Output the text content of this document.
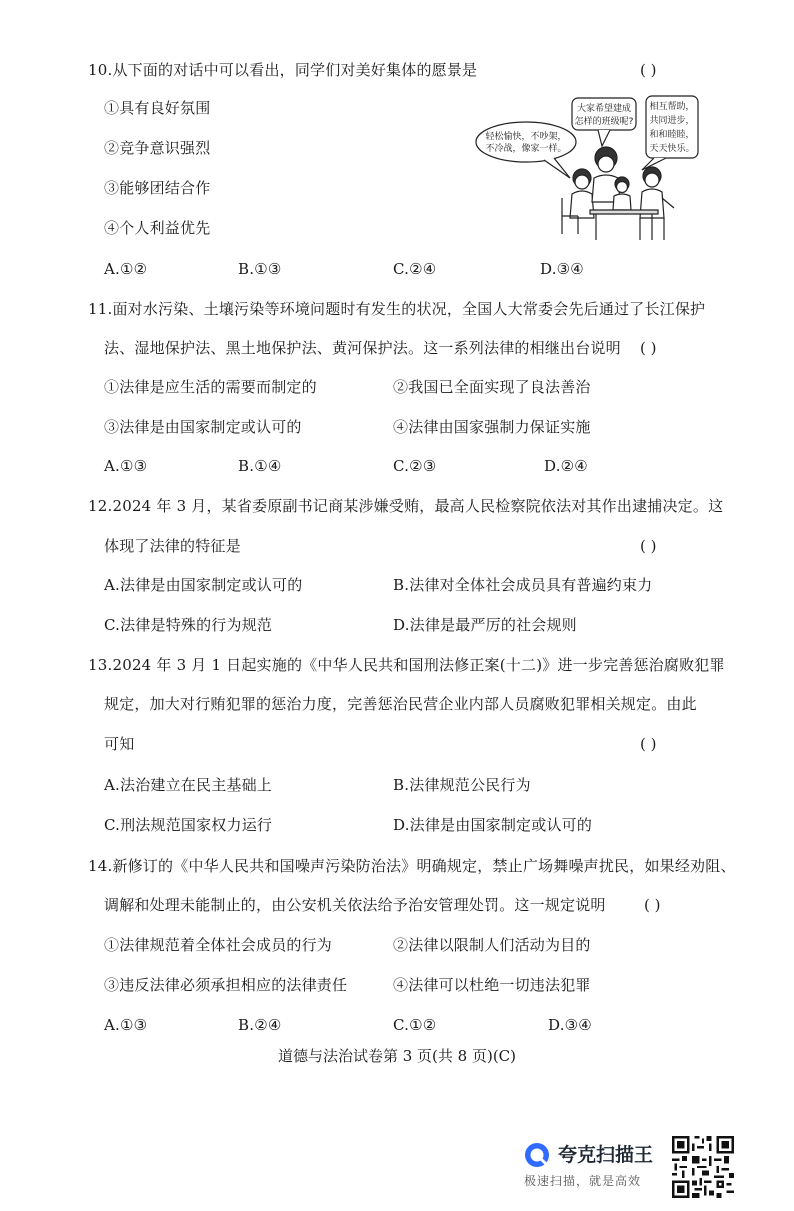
10.从下面的对话中可以看出，同学们对美好集体的愿景是	( )
①具有良好氛围
②竞争意识强烈
③能够团结合作
④个人利益优先
A.①②	B.①③	C.②④	D.③④
轻松愉快，不吵架，
不冷战，像家一样。
大家希望建成
怎样的班级呢?
相互帮助，
共同进步，
和和睦睦，
天天快乐。
11.面对水污染、土壤污染等环境问题时有发生的状况，全国人大常委会先后通过了长江保护
法、湿地保护法、黑土地保护法、黄河保护法。这一系列法律的相继出台说明 ( )
①法律是应生活的需要而制定的	②我国已全面实现了良法善治
③法律是由国家制定或认可的	④法律由国家强制力保证实施
A.①③	B.①④	C.②③	D.②④
12.2024 年 3 月，某省委原副书记商某涉嫌受贿，最高人民检察院依法对其作出逮捕决定。这
体现了法律的特征是	( )
A.法律是由国家制定或认可的	B.法律对全体社会成员具有普遍约束力
C.法律是特殊的行为规范	D.法律是最严厉的社会规则
13.2024 年 3 月 1 日起实施的《中华人民共和国刑法修正案(十二)》进一步完善惩治腐败犯罪
规定，加大对行贿犯罪的惩治力度，完善惩治民营企业内部人员腐败犯罪相关规定。由此
可知	( )
A.法治建立在民主基础上	B.法律规范公民行为
C.刑法规范国家权力运行	D.法律是由国家制定或认可的
14.新修订的《中华人民共和国噪声污染防治法》明确规定，禁止广场舞噪声扰民，如果经劝阻、
调解和处理未能制止的，由公安机关依法给予治安管理处罚。这一规定说明	( )
①法律规范着全体社会成员的行为	②法律以限制人们活动为目的
③违反法律必须承担相应的法律责任	④法律可以杜绝一切违法犯罪
A.①③	B.②④	C.①②	D.③④
道德与法治试卷第 3 页(共 8 页)(C)
夸克扫描王
极速扫描，就是高效
